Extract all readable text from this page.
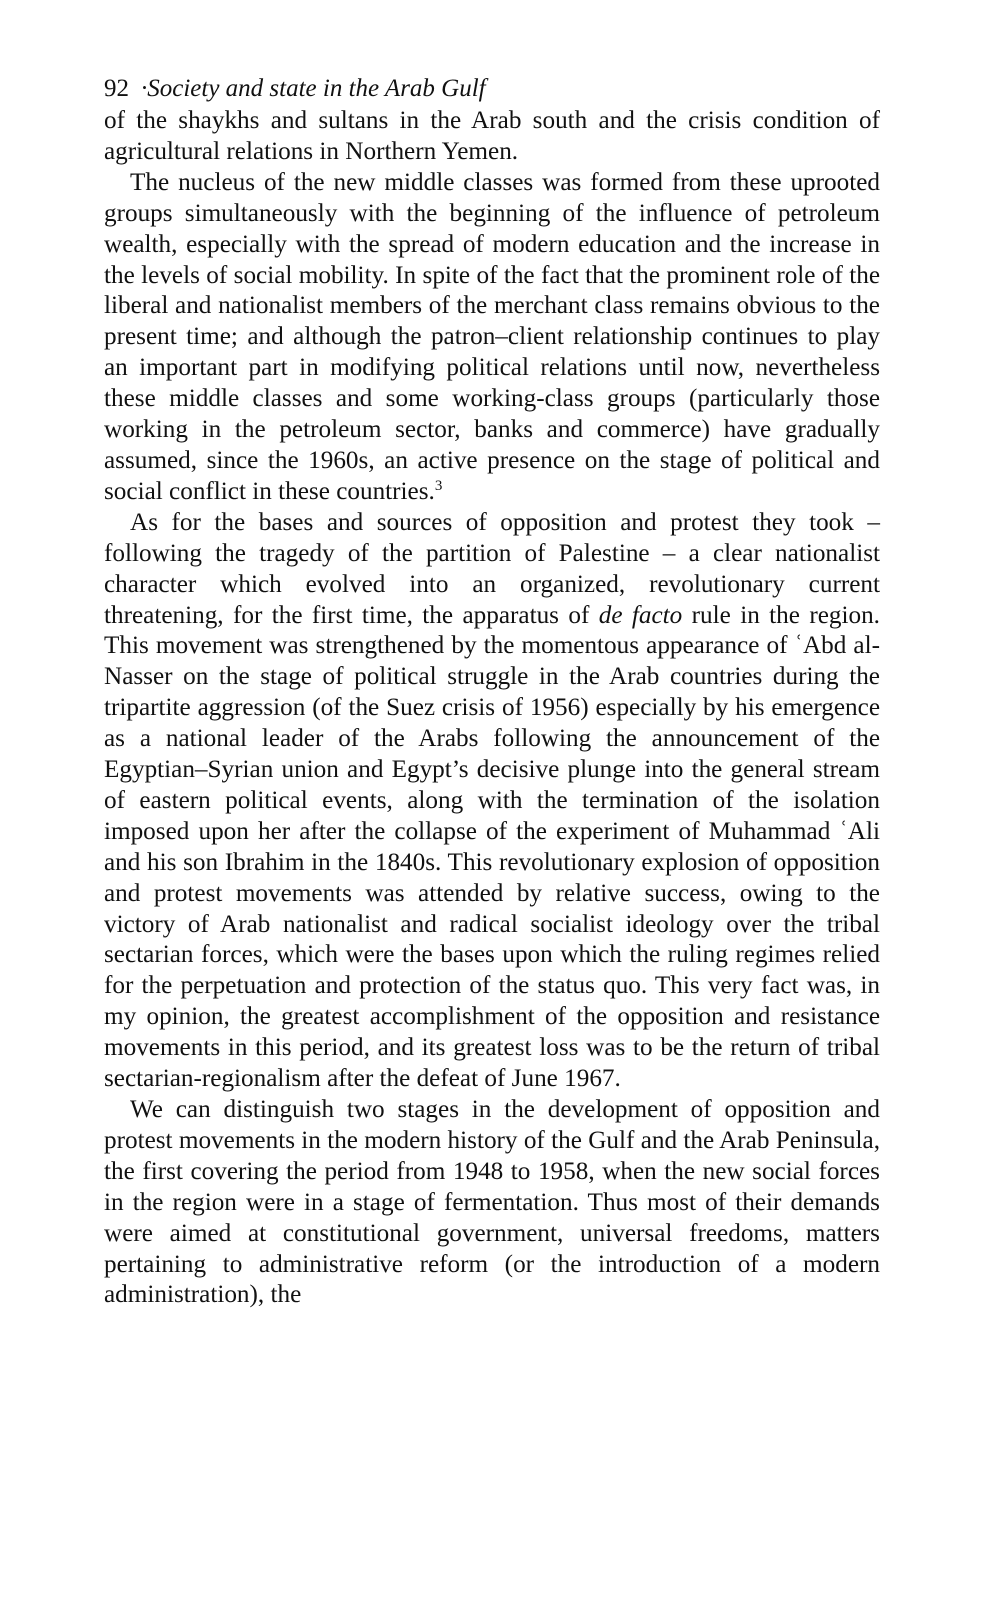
92 ·Society and state in the Arab Gulf

of the shaykhs and sultans in the Arab south and the crisis condition of agricultural relations in Northern Yemen.

The nucleus of the new middle classes was formed from these uprooted groups simultaneously with the beginning of the influence of petroleum wealth, especially with the spread of modern education and the increase in the levels of social mobility. In spite of the fact that the prominent role of the liberal and nationalist members of the merchant class remains obvious to the present time; and although the patron–client relationship continues to play an important part in modifying political relations until now, nevertheless these middle classes and some working-class groups (particularly those working in the petroleum sector, banks and commerce) have gradually assumed, since the 1960s, an active presence on the stage of political and social conflict in these countries.$^3$

As for the bases and sources of opposition and protest they took – following the tragedy of the partition of Palestine – a clear nationalist character which evolved into an organized, revolutionary current threatening, for the first time, the apparatus of de facto rule in the region. This movement was strengthened by the momentous appearance of ʿAbd al-Nasser on the stage of political struggle in the Arab countries during the tripartite aggression (of the Suez crisis of 1956) especially by his emergence as a national leader of the Arabs following the announcement of the Egyptian–Syrian union and Egypt’s decisive plunge into the general stream of eastern political events, along with the termination of the isolation imposed upon her after the collapse of the experiment of Muhammad ʿAli and his son Ibrahim in the 1840s. This revolutionary explosion of opposition and protest movements was attended by relative success, owing to the victory of Arab nationalist and radical socialist ideology over the tribal sectarian forces, which were the bases upon which the ruling regimes relied for the perpetuation and protection of the status quo. This very fact was, in my opinion, the greatest accomplishment of the opposition and resistance movements in this period, and its greatest loss was to be the return of tribal sectarian-regionalism after the defeat of June 1967.

We can distinguish two stages in the development of opposition and protest movements in the modern history of the Gulf and the Arab Peninsula, the first covering the period from 1948 to 1958, when the new social forces in the region were in a stage of fermentation. Thus most of their demands were aimed at constitutional government, universal freedoms, matters pertaining to administrative reform (or the introduction of a modern administration), the
